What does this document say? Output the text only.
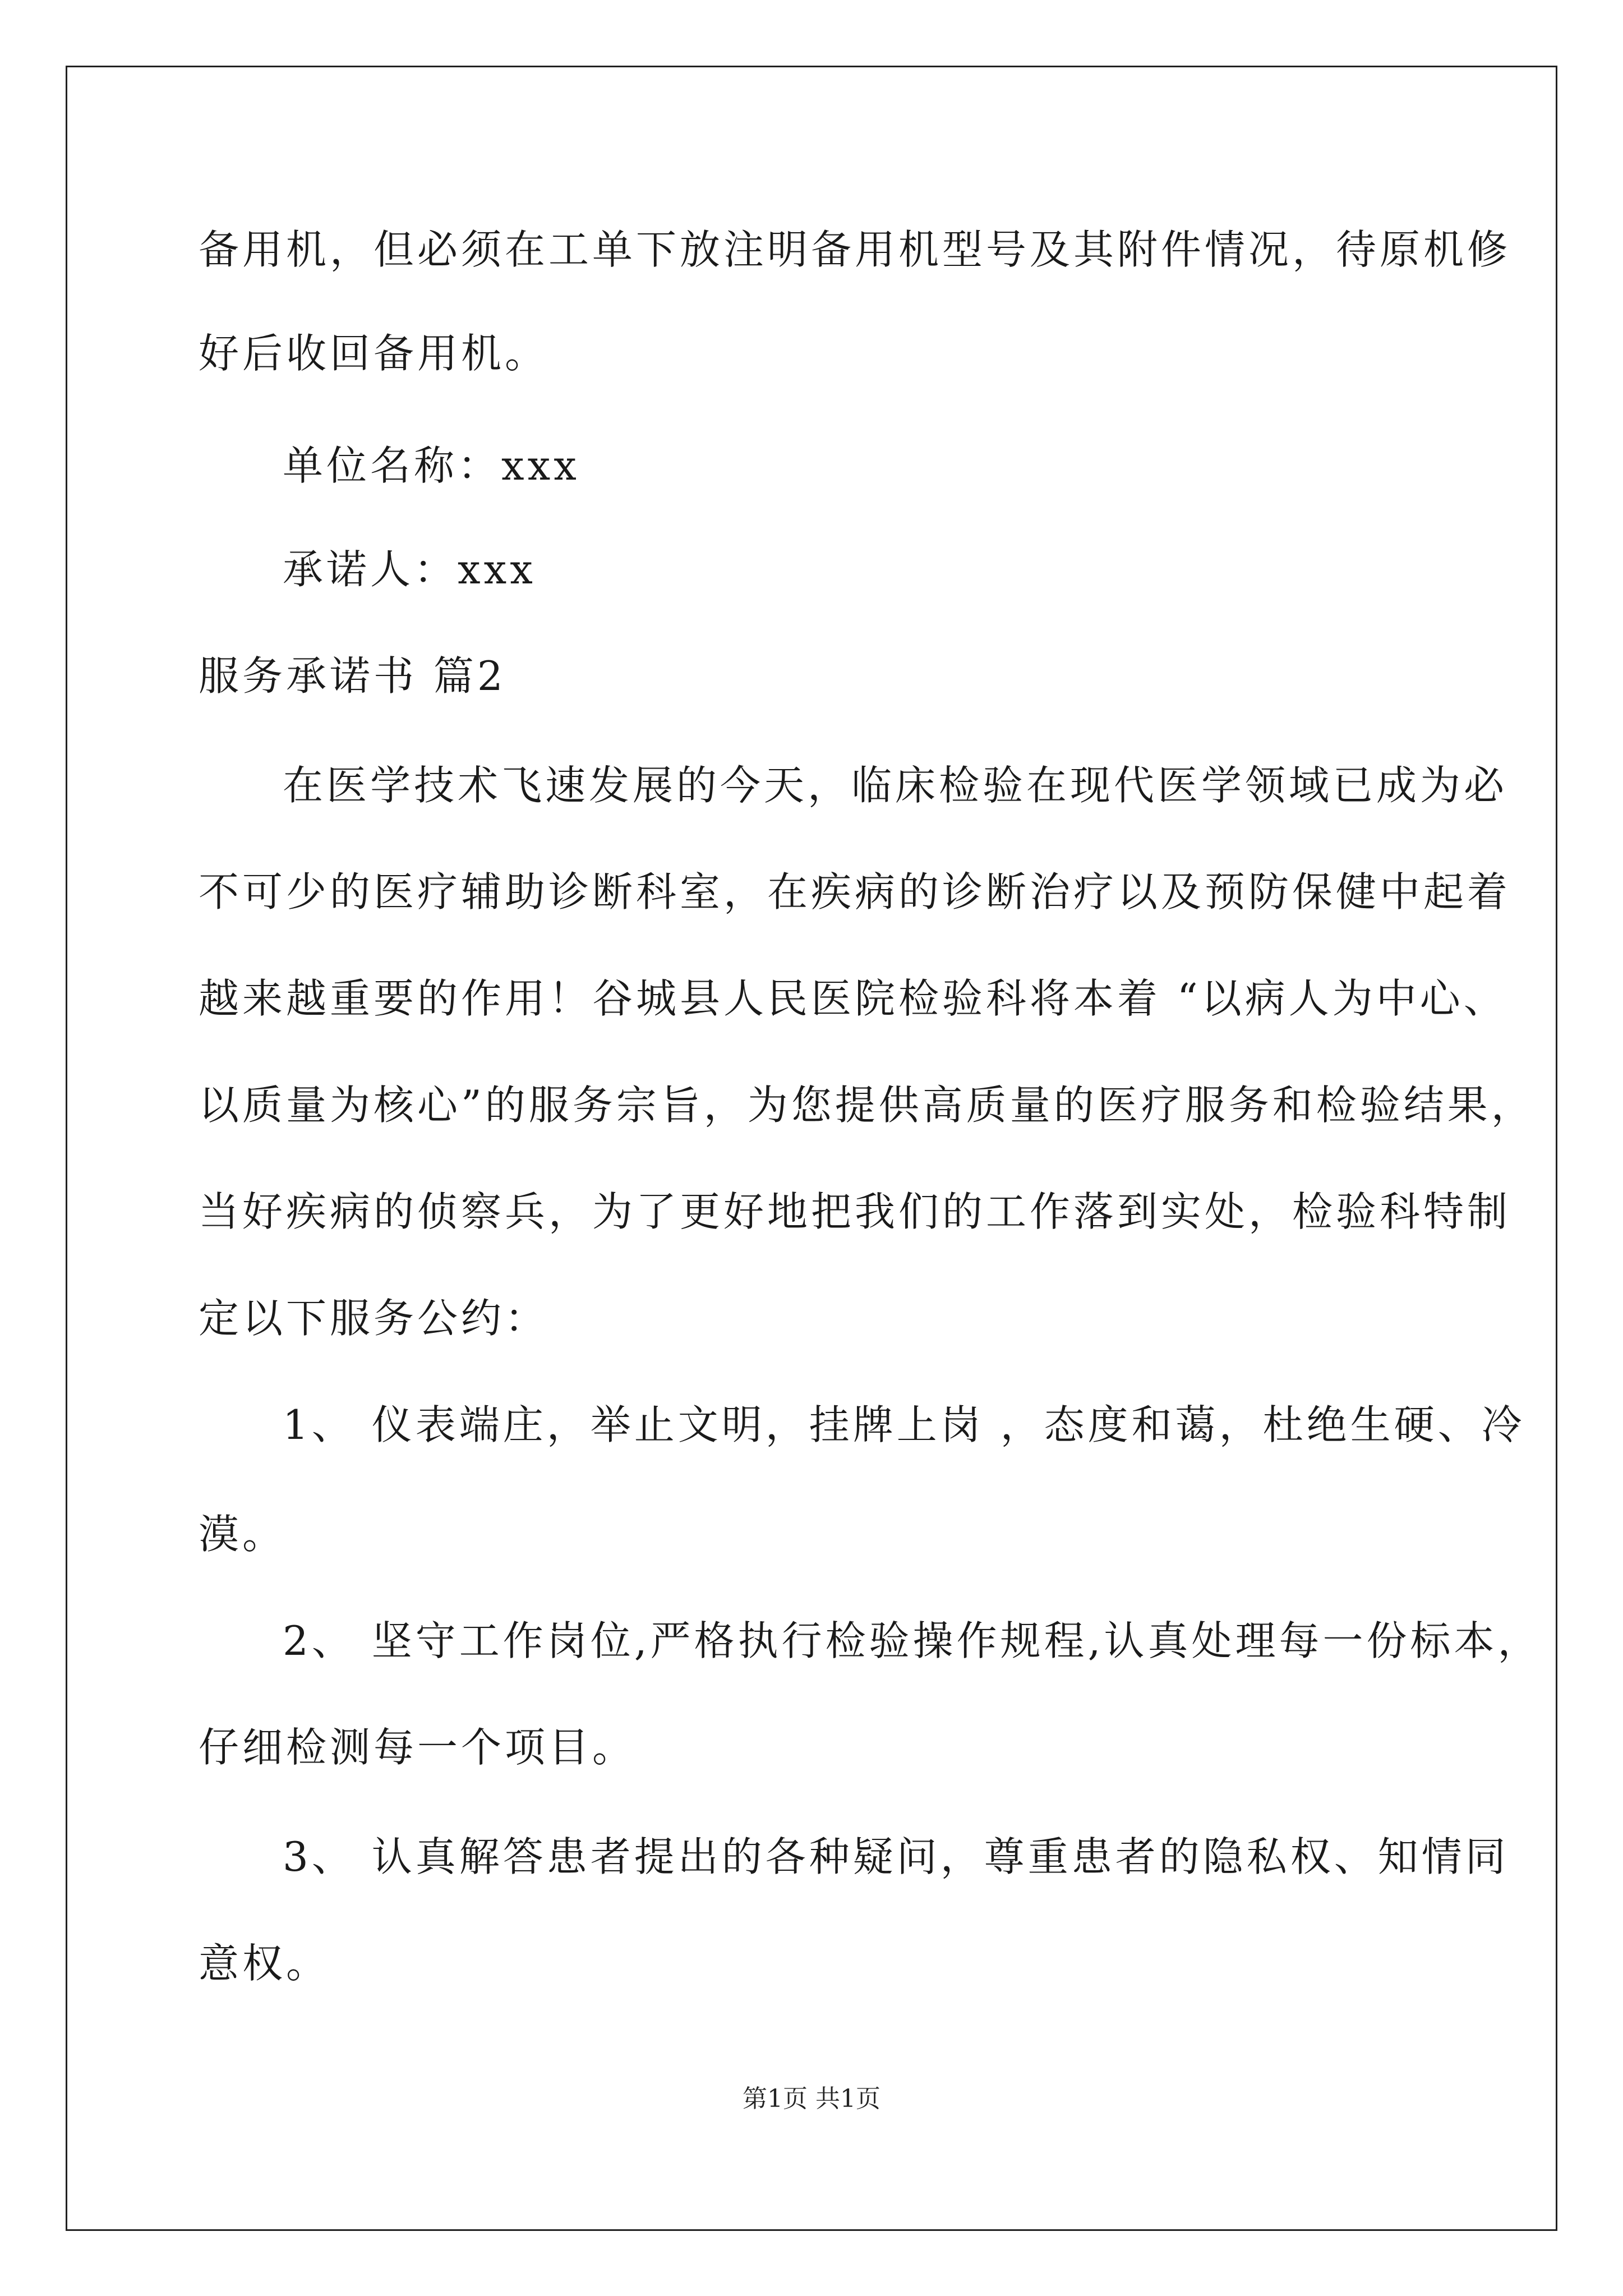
备用机，但必须在工单下放注明备用机型号及其附件情况，待原机修
好后收回备用机。
单位名称：xxx
承诺人：xxx
服务承诺书 篇2
在医学技术飞速发展的今天，临床检验在现代医学领域已成为必
不可少的医疗辅助诊断科室，在疾病的诊断治疗以及预防保健中起着
越来越重要的作用！谷城县人民医院检验科将本着 “以病人为中心、
以质量为核心”的服务宗旨，为您提供高质量的医疗服务和检验结果，
当好疾病的侦察兵，为了更好地把我们的工作落到实处，检验科特制
定以下服务公约：
1、 仪表端庄，举止文明，挂牌上岗 ，态度和蔼，杜绝生硬、冷
漠。
2、 坚守工作岗位,严格执行检验操作规程,认真处理每一份标本，
仔细检测每一个项目。
3、 认真解答患者提出的各种疑问，尊重患者的隐私权、知情同
意权。
第1页 共1页
